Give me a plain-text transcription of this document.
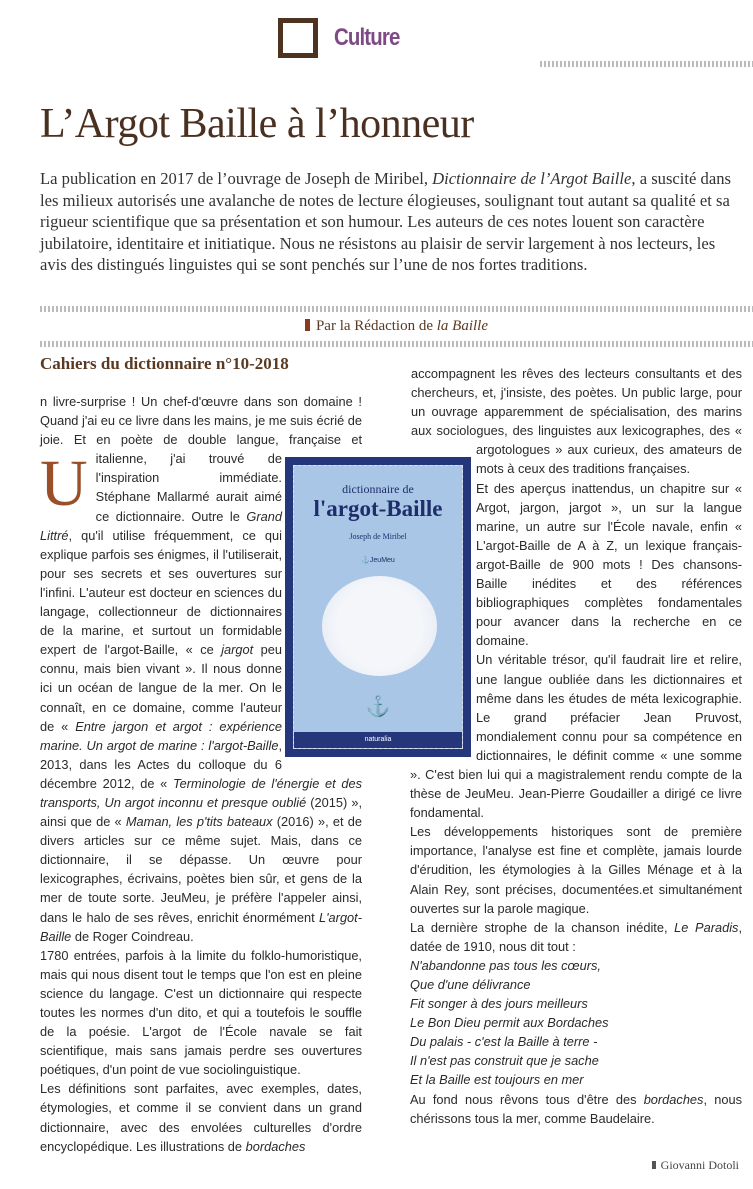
Culture
L’Argot Baille à l’honneur

La publication en 2017 de l’ouvrage de Joseph de Miribel, Dictionnaire de l’Argot Baille, a suscité dans les milieux autorisés une avalanche de notes de lecture élogieuses, soulignant tout autant sa qualité et sa rigueur scientifique que sa présentation et son humour. Les auteurs de ces notes louent son caractère jubilatoire, identitaire et initiatique. Nous ne résistons au plaisir de servir largement à nos lecteurs, les avis des distingués linguistes qui se sont penchés sur l’une de nos fortes traditions.

Par la Rédaction de la Baille
Cahiers du dictionnaire n°10-2018
U
n livre-surprise ! Un chef-d'œuvre dans son domaine ! Quand j'ai eu ce livre dans les mains, je me suis écrié de joie. Et en poète de double langue, française et italienne, j'ai trouvé de l'inspiration immédiate. Stéphane Mallarmé aurait aimé ce dictionnaire. Outre le Grand Littré, qu'il utilise fréquemment, ce qui explique parfois ses énigmes, il l'utiliserait, pour ses secrets et ses ouvertures sur l'infini. L'auteur est docteur en sciences du langage, collectionneur de dictionnaires de la marine, et surtout un formidable expert de l'argot-Baille, « ce jargot peu connu, mais bien vivant ». Il nous donne ici un océan de langue de la mer. On le connaît, en ce domaine, comme l'auteur de « Entre jargon et argot : expérience marine. Un argot de marine : l'argot-Baille, 2013, dans les Actes du colloque du 6 décembre 2012, de « Terminologie de l'énergie et des transports, Un argot inconnu et presque oublié (2015) », ainsi que de « Maman, les p'tits bateaux (2016) », et de divers articles sur ce même sujet. Mais, dans ce dictionnaire, il se dépasse. Un œuvre pour lexicographes, écrivains, poètes bien sûr, et gens de la mer de toute sorte. JeuMeu, je préfère l'appeler ainsi, dans le halo de ses rêves, enrichit énormément L'argot-Baille de Roger Coindreau.

1780 entrées, parfois à la limite du folklo-humoristique, mais qui nous disent tout le temps que l'on est en pleine science du langage. C'est un dictionnaire qui respecte toutes les normes d'un dito, et qui a toutefois le souffle de la poésie. L'argot de l'École navale se fait scientifique, mais sans jamais perdre ses ouvertures poétiques, d'un point de vue sociolinguistique.

Les définitions sont parfaites, avec exemples, dates, étymologies, et comme il se convient dans un grand dictionnaire, avec des envolées culturelles d'ordre encyclopédique. Les illustrations de bordaches

dictionnaire de
l'argot-Baille
Joseph de Miribel
⚓JeuMeu
⚓
naturalia

accompagnent les rêves des lecteurs consultants et des chercheurs, et, j'insiste, des poètes. Un public large, pour un ouvrage apparemment de spécialisation, des marins aux sociologues, des linguistes aux lexicographes, des « argotologues » aux curieux, des amateurs de mots à ceux des traditions françaises.

Et des aperçus inattendus, un chapitre sur « Argot, jargon, jargot », un sur la langue marine, un autre sur l'École navale, enfin « L'argot-Baille de A à Z, un lexique français-argot-Baille de 900 mots ! Des chansons-Baille inédites et des références bibliographiques complètes fondamentales pour avancer dans la recherche en ce domaine.

Un véritable trésor, qu'il faudrait lire et relire, une langue oubliée dans les dictionnaires et même dans les études de méta lexicographie. Le grand préfacier Jean Pruvost, mondialement connu pour sa compétence en dictionnaires, le définit comme « une somme ». C'est bien lui qui a magistralement rendu compte de la thèse de JeuMeu. Jean-Pierre Goudailler a dirigé ce livre fondamental.

Les développements historiques sont de première importance, l'analyse est fine et complète, jamais lourde d'érudition, les étymologies à la Gilles Ménage et à la Alain Rey, sont précises, documentées.et simultanément ouvertes sur la parole magique.

La dernière strophe de la chanson inédite, Le Paradis, datée de 1910, nous dit tout :

N'abandonne pas tous les cœurs,

Que d'une délivrance

Fit songer à des jours meilleurs

Le Bon Dieu permit aux Bordaches

Du palais - c'est la Baille à terre -

Il n'est pas construit que je sache

Et la Baille est toujours en mer

Au fond nous rêvons tous d'être des bordaches, nous chérissons tous la mer, comme Baudelaire.

Giovanni Dotoli
